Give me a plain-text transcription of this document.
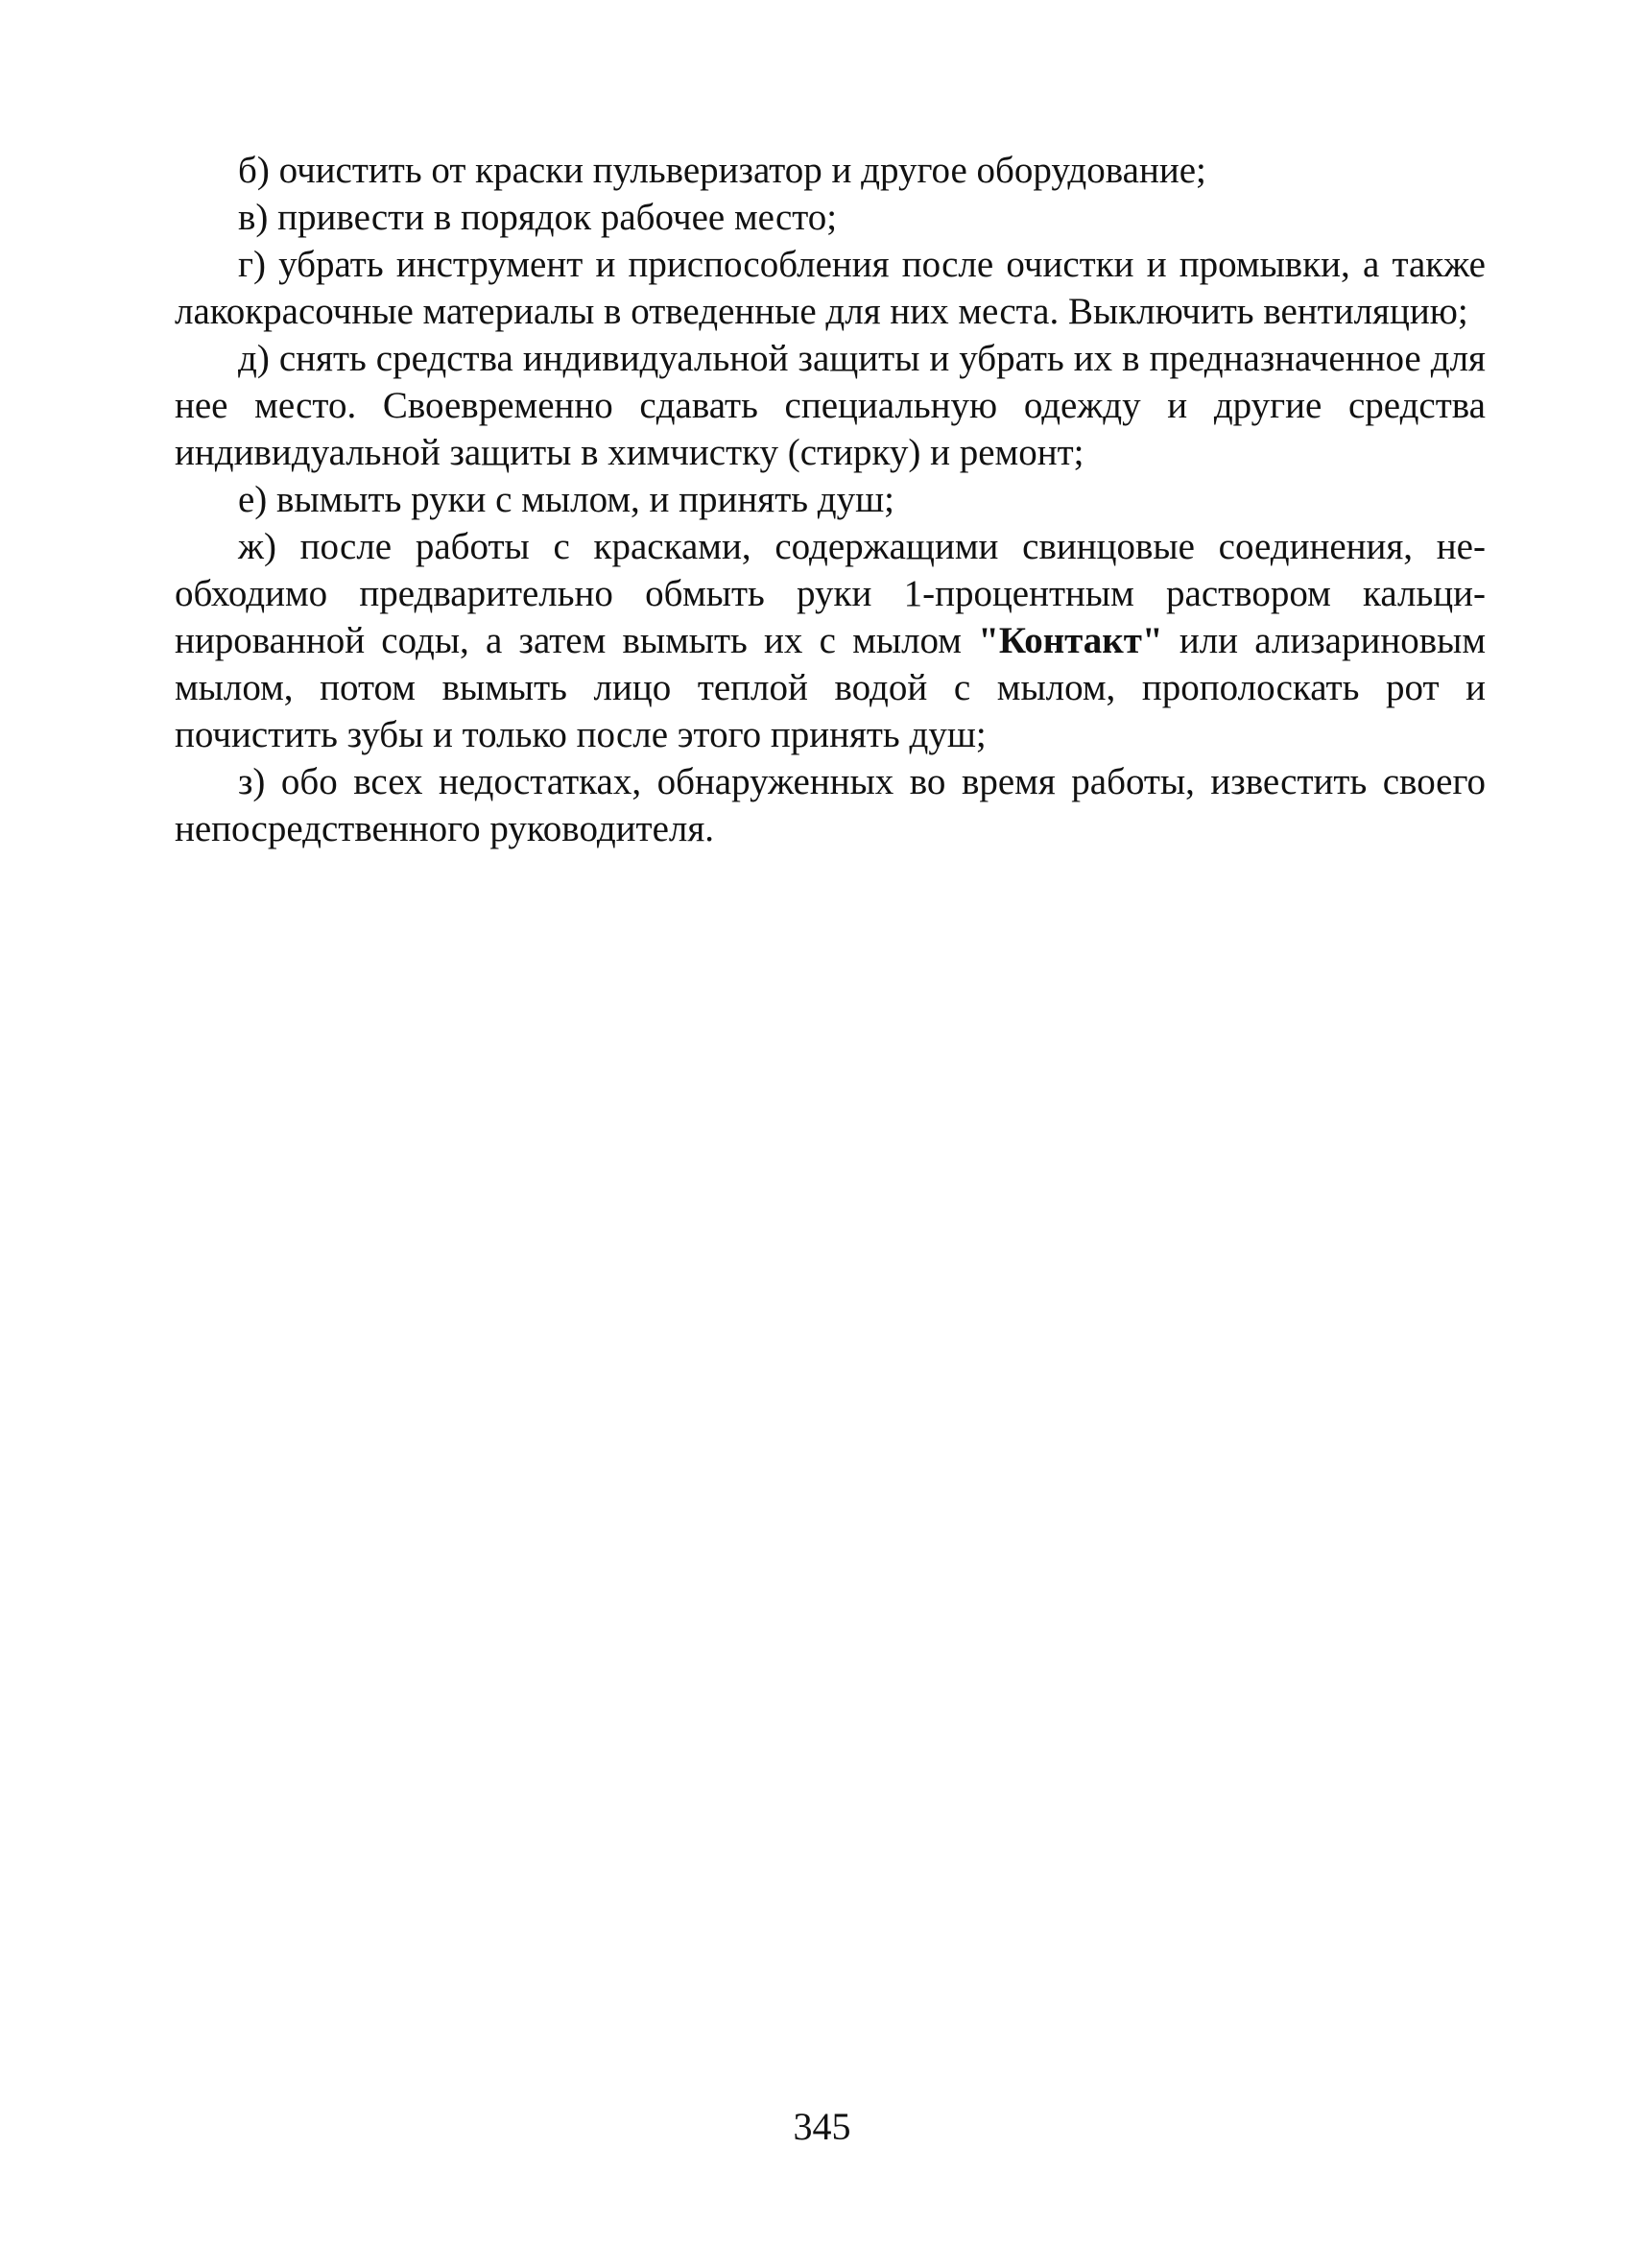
б) очистить от краски пульверизатор и другое оборудование;

в) привести в порядок рабочее место;

г) убрать инструмент и приспособления после очистки и промывки, а также лакокрасочные материалы в отведенные для них места. Выключить вентиляцию;

д) снять средства индивидуальной защиты и убрать их в предназначенное для нее место. Своевременно сдавать специальную одежду и другие средства индивидуальной защиты в химчистку (стирку) и ремонт;

е) вымыть руки с мылом, и принять душ;

ж) после работы с красками, содержащими свинцовые соединения, необходимо предварительно обмыть руки 1-процентным раствором кальцинированной соды, а затем вымыть их с мылом "Контакт" или ализариновым мылом, потом вымыть лицо теплой водой с мылом, прополоскать рот и почистить зубы и только после этого принять душ;

з) обо всех недостатках, обнаруженных во время работы, известить своего непосредственного руководителя.

345
